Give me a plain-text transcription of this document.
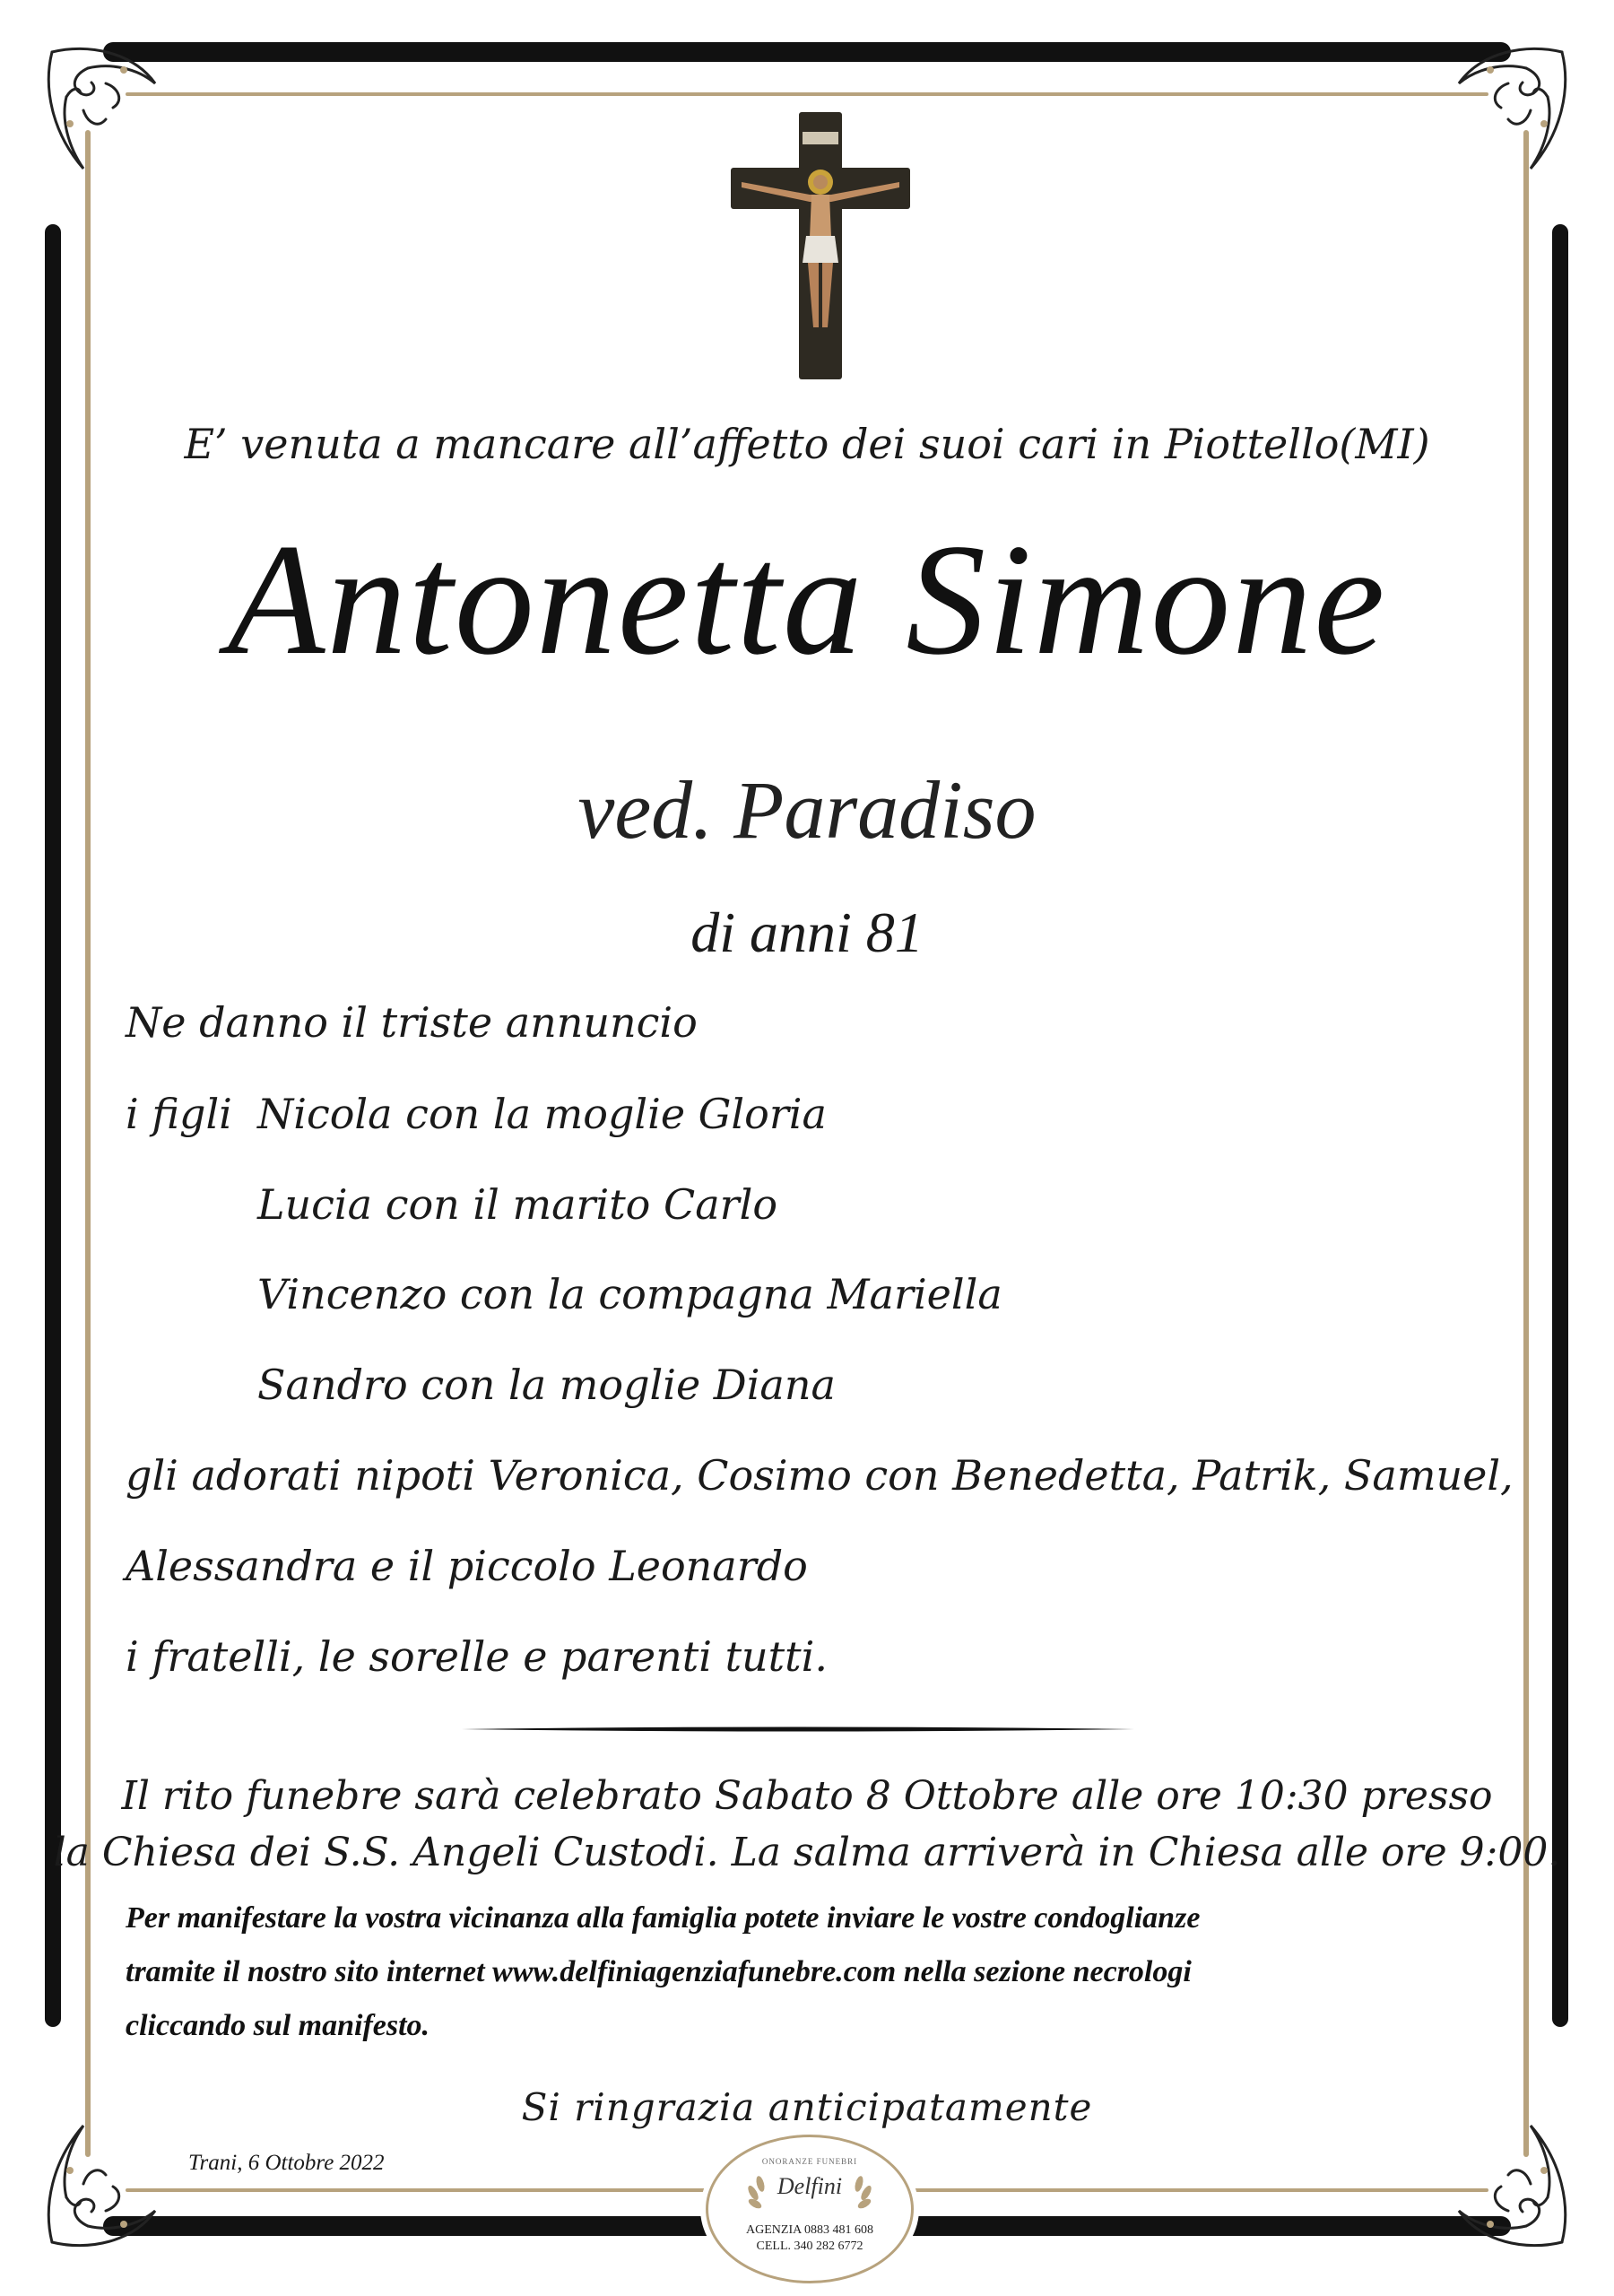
E’ venuta a mancare all’affetto dei suoi cari in Piottello(MI)
Antonetta Simone
ved. Paradiso
di anni 81
Ne danno il triste annuncio
i figli Nicola con la moglie Gloria
Lucia con il marito Carlo
Vincenzo con la compagna Mariella
Sandro con la moglie Diana
gli adorati nipoti Veronica, Cosimo con Benedetta, Patrik, Samuel,
Alessandra e il piccolo Leonardo
i fratelli, le sorelle e parenti tutti.
Il rito funebre sarà celebrato Sabato 8 Ottobre alle ore 10:30 presso
la Chiesa dei S.S. Angeli Custodi. La salma arriverà in Chiesa alle ore 9:00.
Per manifestare la vostra vicinanza alla famiglia potete inviare le vostre condoglianze
tramite il nostro sito internet www.delfiniagenziafunebre.com nella sezione necrologi
cliccando sul manifesto.
Si ringrazia anticipatamente
Trani, 6 Ottobre 2022	ONORANZE FUNEBRI
Delfini
AGENZIA 0883 481 608
CELL. 340 282 6772
